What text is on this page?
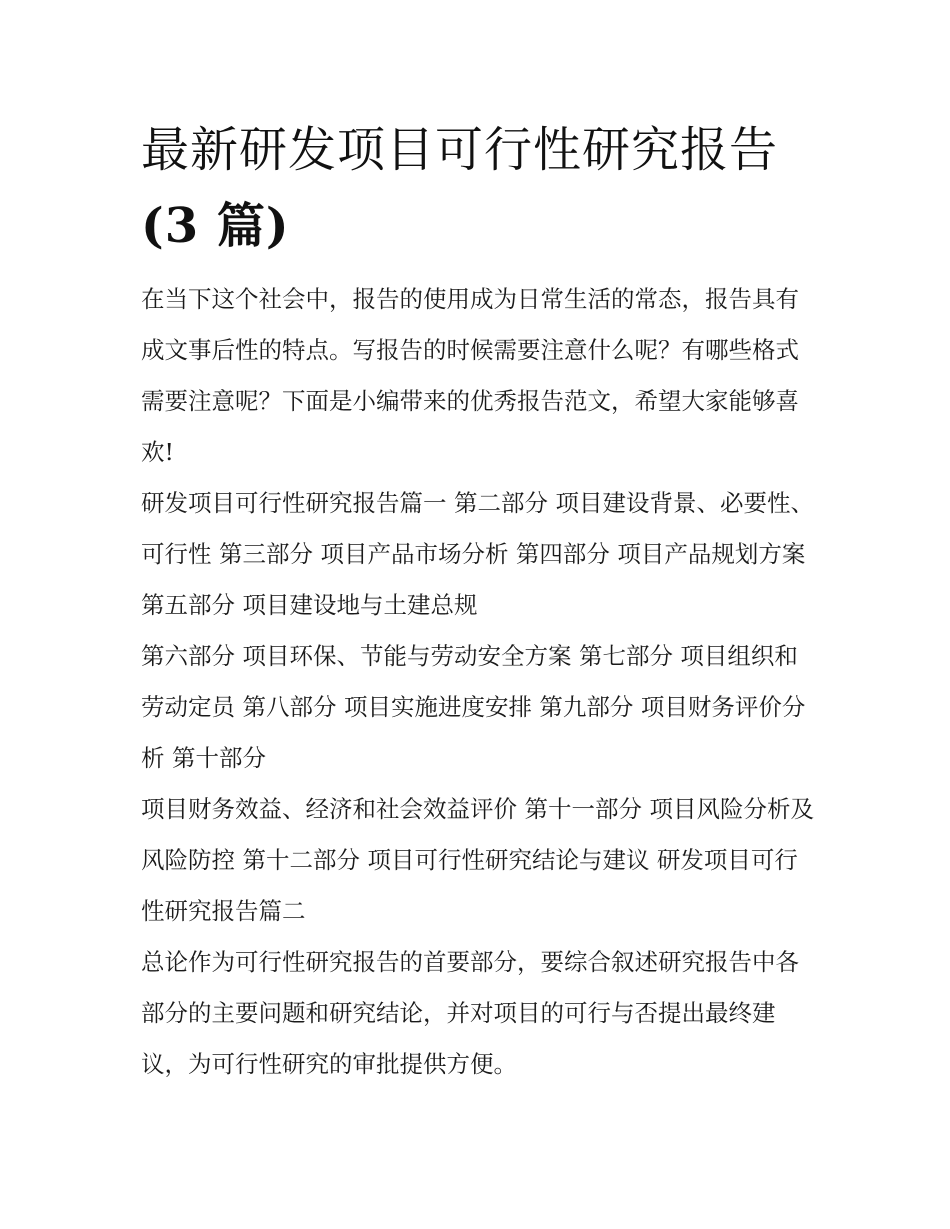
最新研发项目可行性研究报告
(3 篇)

在当下这个社会中，报告的使用成为日常生活的常态，报告具有成文事后性的特点。写报告的时候需要注意什么呢？有哪些格式需要注意呢？下面是小编带来的优秀报告范文，希望大家能够喜欢!

研发项目可行性研究报告篇一 第二部分 项目建设背景、必要性、可行性 第三部分 项目产品市场分析 第四部分 项目产品规划方案 第五部分 项目建设地与土建总规

第六部分 项目环保、节能与劳动安全方案 第七部分 项目组织和劳动定员 第八部分 项目实施进度安排 第九部分 项目财务评价分析 第十部分

项目财务效益、经济和社会效益评价 第十一部分 项目风险分析及风险防控 第十二部分 项目可行性研究结论与建议 研发项目可行性研究报告篇二

总论作为可行性研究报告的首要部分，要综合叙述研究报告中各部分的主要问题和研究结论，并对项目的可行与否提出最终建议，为可行性研究的审批提供方便。
